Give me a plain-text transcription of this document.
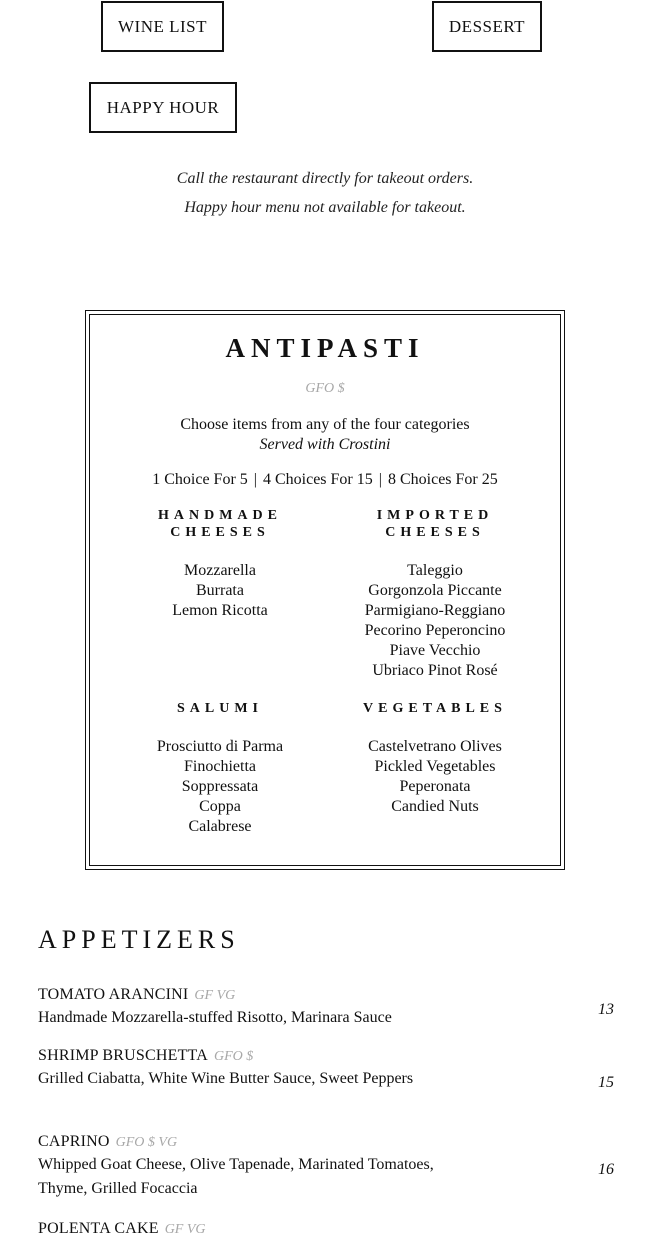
WINE LIST	DESSERT
HAPPY HOUR
Call the restaurant directly for takeout orders.
Happy hour menu not available for takeout.
ANTIPASTI
GFO $
Choose items from any of the four categories
Served with Crostini
1 Choice For 5 | 4 Choices For 15 | 8 Choices For 25
HANDMADE
CHEESES
Mozzarella
Burrata
Lemon Ricotta
IMPORTED
CHEESES
Taleggio
Gorgonzola Piccante
Parmigiano-Reggiano
Pecorino Peperoncino
Piave Vecchio
Ubriaco Pinot Rosé
SALUMI
Prosciutto di Parma
Finochietta
Soppressata
Coppa
Calabrese
VEGETABLES
Castelvetrano Olives
Pickled Vegetables
Peperonata
Candied Nuts
APPETIZERS
TOMATO ARANCINI GF VG
Handmade Mozzarella-stuffed Risotto, Marinara Sauce	13
SHRIMP BRUSCHETTA GFO $
Grilled Ciabatta, White Wine Butter Sauce, Sweet Peppers	15
CAPRINO GFO $ VG
Whipped Goat Cheese, Olive Tapenade, Marinated Tomatoes, Thyme, Grilled Focaccia
16
POLENTA CAKE GF VG
